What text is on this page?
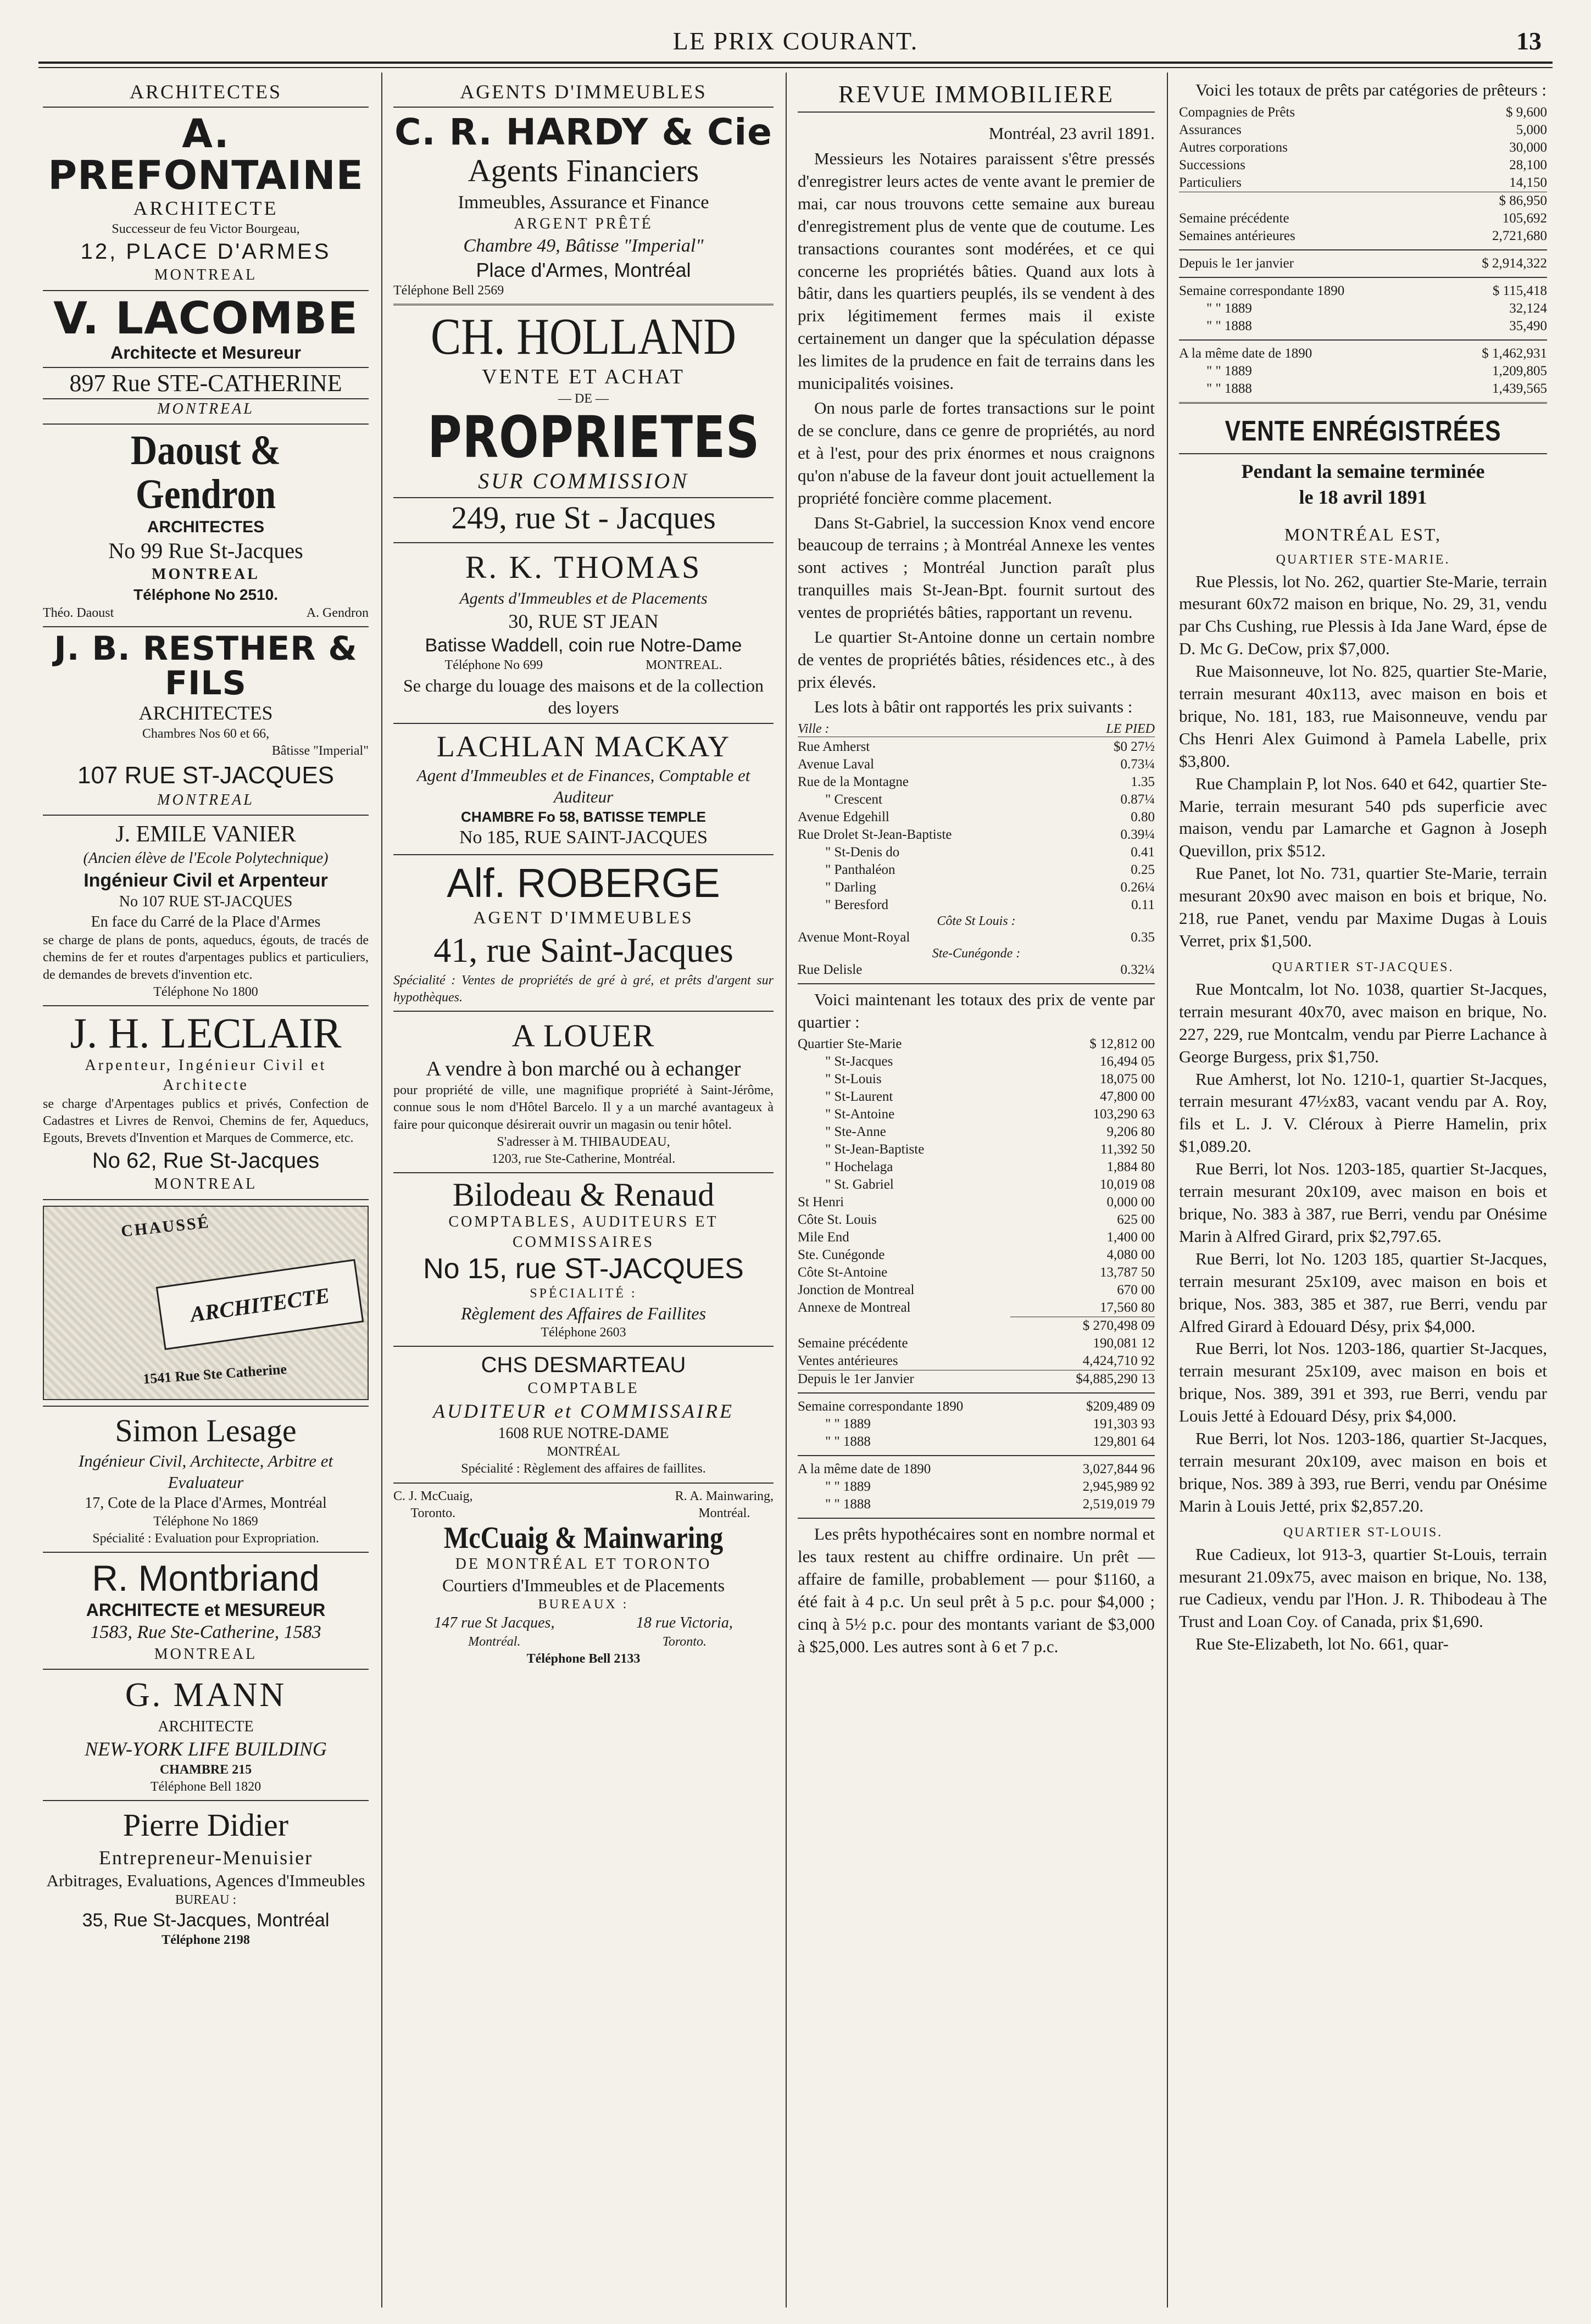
LE PRIX COURANT.	13
ARCHITECTES
A. PREFONTAINE
ARCHITECTE
Successeur de feu Victor Bourgeau,
12, PLACE D'ARMES
MONTREAL
V. LACOMBE
Architecte et Mesureur
897 Rue STE-CATHERINE
MONTREAL
Daoust & Gendron
ARCHITECTES
No 99 Rue St-Jacques
MONTREAL
Téléphone No 2510.
Théo. Daoust	A. Gendron
J. B. RESTHER & FILS
ARCHITECTES
Chambres Nos 60 et 66,
Bâtisse "Imperial"
107 RUE ST-JACQUES
MONTREAL
J. EMILE VANIER
(Ancien élève de l'Ecole Polytechnique)
Ingénieur Civil et Arpenteur
No 107 RUE ST-JACQUES
En face du Carré de la Place d'Armes
se charge de plans de ponts, aqueducs, égouts, de tracés de chemins de fer et routes d'arpentages publics et particuliers, de demandes de brevets d'invention etc.
Téléphone No 1800
J. H. LECLAIR
Arpenteur, Ingénieur Civil et Architecte
se charge d'Arpentages publics et privés, Confection de Cadastres et Livres de Renvoi, Chemins de fer, Aqueducs, Egouts, Brevets d'Invention et Marques de Commerce, etc.
No 62, Rue St-Jacques
MONTREAL
CHAUSSÉ
ARCHITECTE
1541 Rue Ste Catherine
Simon Lesage
Ingénieur Civil, Architecte, Arbitre et Evaluateur
17, Cote de la Place d'Armes, Montréal
Téléphone No 1869
Spécialité : Evaluation pour Expropriation.
R. Montbriand
ARCHITECTE et MESUREUR
1583, Rue Ste-Catherine, 1583
MONTREAL
G. MANN
ARCHITECTE
NEW-YORK LIFE BUILDING
CHAMBRE 215
Téléphone Bell 1820
Pierre Didier
Entrepreneur-Menuisier
Arbitrages, Evaluations, Agences d'Immeubles
BUREAU :
35, Rue St-Jacques, Montréal
Téléphone 2198
AGENTS D'IMMEUBLES
C. R. HARDY & Cie
Agents Financiers
Immeubles, Assurance et Finance
ARGENT PRÊTÉ
Chambre 49, Bâtisse "Imperial"
Place d'Armes, Montréal
Téléphone Bell 2569
CH. HOLLAND
VENTE ET ACHAT
— DE —
PROPRIETES
SUR COMMISSION
249, rue St - Jacques
R. K. THOMAS
Agents d'Immeubles et de Placements
30, RUE ST JEAN
Batisse Waddell, coin rue Notre-Dame
Téléphone No 699	MONTREAL.
Se charge du louage des maisons et de la collection des loyers
LACHLAN MACKAY
Agent d'Immeubles et de Finances, Comptable et Auditeur
CHAMBRE Fo 58, BATISSE TEMPLE
No 185, RUE SAINT-JACQUES
Alf. ROBERGE
AGENT D'IMMEUBLES
41, rue Saint-Jacques
Spécialité : Ventes de propriétés de gré à gré, et prêts d'argent sur hypothèques.
A LOUER
A vendre à bon marché ou à echanger
pour propriété de ville, une magnifique propriété à Saint-Jérôme, connue sous le nom d'Hôtel Barcelo. Il y a un marché avantageux à faire pour quiconque désirerait ouvrir un magasin ou tenir hôtel.
S'adresser à M. THIBAUDEAU,
1203, rue Ste-Catherine, Montréal.
Bilodeau & Renaud
COMPTABLES, AUDITEURS ET COMMISSAIRES
No 15, rue ST-JACQUES
SPÉCIALITÉ :
Règlement des Affaires de Faillites
Téléphone 2603
CHS DESMARTEAU
COMPTABLE
AUDITEUR et COMMISSAIRE
1608 RUE NOTRE-DAME
MONTRÉAL
Spécialité : Règlement des affaires de faillites.
C. J. McCuaig,
Toronto.
R. A. Mainwaring,
Montréal.
McCuaig & Mainwaring
DE MONTRÉAL ET TORONTO
Courtiers d'Immeubles et de Placements
BUREAUX :
147 rue St Jacques,
Montréal.
18 rue Victoria,
Toronto.
Téléphone Bell 2133
REVUE IMMOBILIERE
Montréal, 23 avril 1891.

Messieurs les Notaires paraissent s'être pressés d'enregistrer leurs actes de vente avant le premier de mai, car nous trouvons cette semaine aux bureau d'enregistrement plus de vente que de coutume. Les transactions courantes sont modérées, et ce qui concerne les propriétés bâties. Quand aux lots à bâtir, dans les quartiers peuplés, ils se vendent à des prix légitimement fermes mais il existe certainement un danger que la spéculation dépasse les limites de la prudence en fait de terrains dans les municipalités voisines.

On nous parle de fortes transactions sur le point de se conclure, dans ce genre de propriétés, au nord et à l'est, pour des prix énormes et nous craignons qu'on n'abuse de la faveur dont jouit actuellement la propriété foncière comme placement.

Dans St-Gabriel, la succession Knox vend encore beaucoup de terrains ; à Montréal Annexe les ventes sont actives ; Montréal Junction paraît plus tranquilles mais St-Jean-Bpt. fournit surtout des ventes de propriétés bâties, rapportant un revenu.

Le quartier St-Antoine donne un certain nombre de ventes de propriétés bâties, résidences etc., à des prix élevés.

Les lots à bâtir ont rapportés les prix suivants :

Ville :	LE PIED
Rue Amherst	$0 27½
Avenue Laval	0.73¼
Rue de la Montagne	1.35
" Crescent	0.87¼
Avenue Edgehill	0.80
Rue Drolet St-Jean-Baptiste	0.39¼
" St-Denis do	0.41
" Panthaléon	0.25
" Darling	0.26¼
" Beresford	0.11
Côte St Louis :
Avenue Mont-Royal	0.35
Ste-Cunégonde :
Rue Delisle	0.32¼

Voici maintenant les totaux des prix de vente par quartier :

Quartier Ste-Marie	$ 12,812 00
" St-Jacques	16,494 05
" St-Louis	18,075 00
" St-Laurent	47,800 00
" St-Antoine	103,290 63
" Ste-Anne	9,206 80
" St-Jean-Baptiste	11,392 50
" Hochelaga	1,884 80
" St. Gabriel	10,019 08
St Henri	0,000 00
Côte St. Louis	625 00
Mile End	1,400 00
Ste. Cunégonde	4,080 00
Côte St-Antoine	13,787 50
Jonction de Montreal	670 00
Annexe de Montreal	17,560 80
	$ 270,498 09
Semaine précédente	190,081 12
Ventes antérieures	4,424,710 92
Depuis le 1er Janvier	$4,885,290 13
Semaine correspondante 1890	$209,489 09
" " 1889	191,303 93
" " 1888	129,801 64
A la même date de 1890	3,027,844 96
" " 1889	2,945,989 92
" " 1888	2,519,019 79

Les prêts hypothécaires sont en nombre normal et les taux restent au chiffre ordinaire. Un prêt — affaire de famille, probablement — pour $1160, a été fait à 4 p.c. Un seul prêt à 5 p.c. pour $4,000 ; cinq à 5½ p.c. pour des montants variant de $3,000 à $25,000. Les autres sont à 6 et 7 p.c.

Voici les totaux de prêts par catégories de prêteurs :

Compagnies de Prêts	$ 9,600
Assurances	5,000
Autres corporations	30,000
Successions	28,100
Particuliers	14,150
	$ 86,950
Semaine précédente	105,692
Semaines antérieures	2,721,680
Depuis le 1er janvier	$ 2,914,322
Semaine correspondante 1890	$ 115,418
" " 1889	32,124
" " 1888	35,490
A la même date de 1890	$ 1,462,931
" " 1889	1,209,805
" " 1888	1,439,565
VENTE ENRÉGISTRÉES
Pendant la semaine terminée
le 18 avril 1891
MONTRÉAL EST,
QUARTIER STE-MARIE.

Rue Plessis, lot No. 262, quartier Ste-Marie, terrain mesurant 60x72 maison en brique, No. 29, 31, vendu par Chs Cushing, rue Plessis à Ida Jane Ward, épse de D. Mc G. DeCow, prix $7,000.

Rue Maisonneuve, lot No. 825, quartier Ste-Marie, terrain mesurant 40x113, avec maison en bois et brique, No. 181, 183, rue Maisonneuve, vendu par Chs Henri Alex Guimond à Pamela Labelle, prix $3,800.

Rue Champlain P, lot Nos. 640 et 642, quartier Ste-Marie, terrain mesurant 540 pds superficie avec maison, vendu par Lamarche et Gagnon à Joseph Quevillon, prix $512.

Rue Panet, lot No. 731, quartier Ste-Marie, terrain mesurant 20x90 avec maison en bois et brique, No. 218, rue Panet, vendu par Maxime Dugas à Louis Verret, prix $1,500.

QUARTIER ST-JACQUES.

Rue Montcalm, lot No. 1038, quartier St-Jacques, terrain mesurant 40x70, avec maison en brique, No. 227, 229, rue Montcalm, vendu par Pierre Lachance à George Burgess, prix $1,750.

Rue Amherst, lot No. 1210-1, quartier St-Jacques, terrain mesurant 47½x83, vacant vendu par A. Roy, fils et L. J. V. Cléroux à Pierre Hamelin, prix $1,089.20.

Rue Berri, lot Nos. 1203-185, quartier St-Jacques, terrain mesurant 20x109, avec maison en bois et brique, No. 383 à 387, rue Berri, vendu par Onésime Marin à Alfred Girard, prix $2,797.65.

Rue Berri, lot No. 1203 185, quartier St-Jacques, terrain mesurant 25x109, avec maison en bois et brique, Nos. 383, 385 et 387, rue Berri, vendu par Alfred Girard à Edouard Désy, prix $4,000.

Rue Berri, lot Nos. 1203-186, quartier St-Jacques, terrain mesurant 25x109, avec maison en bois et brique, Nos. 389, 391 et 393, rue Berri, vendu par Louis Jetté à Edouard Désy, prix $4,000.

Rue Berri, lot Nos. 1203-186, quartier St-Jacques, terrain mesurant 20x109, avec maison en bois et brique, Nos. 389 à 393, rue Berri, vendu par Onésime Marin à Louis Jetté, prix $2,857.20.

QUARTIER ST-LOUIS.

Rue Cadieux, lot 913-3, quartier St-Louis, terrain mesurant 21.09x75, avec maison en brique, No. 138, rue Cadieux, vendu par l'Hon. J. R. Thibodeau à The Trust and Loan Coy. of Canada, prix $1,690.

Rue Ste-Elizabeth, lot No. 661, quar-
